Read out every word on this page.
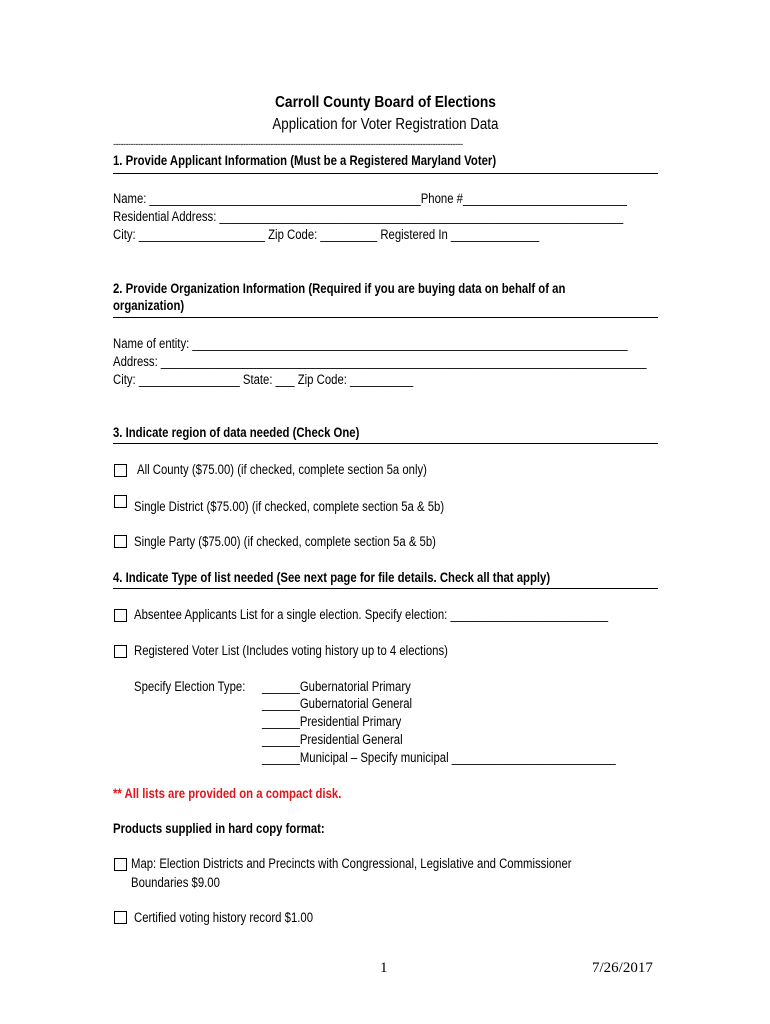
Carroll County Board of Elections
Application for Voter Registration Data
--------------------------------------------------------------------------------------------------------------------------------------------
1. Provide Applicant Information (Must be a Registered Maryland Voter)
Name: ___________________________________________Phone #__________________________
Residential Address: ________________________________________________________________
City: ____________________ Zip Code: _________ Registered In ______________
2. Provide Organization Information (Required if you are buying data on behalf of an
organization)
Name of entity: _____________________________________________________________________
Address: _____________________________________________________________________________
City: ________________ State: ___ Zip Code: __________
3. Indicate region of data needed (Check One)
All County ($75.00) (if checked, complete section 5a only)
Single District ($75.00) (if checked, complete section 5a & 5b)
Single Party ($75.00) (if checked, complete section 5a & 5b)
4. Indicate Type of list needed (See next page for file details. Check all that apply)
Absentee Applicants List for a single election. Specify election: _________________________
Registered Voter List (Includes voting history up to 4 elections)
Specify Election Type: ______Gubernatorial Primary
______Gubernatorial General
______Presidential Primary
______Presidential General
______Municipal – Specify municipal __________________________
** All lists are provided on a compact disk.
Products supplied in hard copy format:
Map: Election Districts and Precincts with Congressional, Legislative and Commissioner
Boundaries $9.00
Certified voting history record $1.00
1	7/26/2017
